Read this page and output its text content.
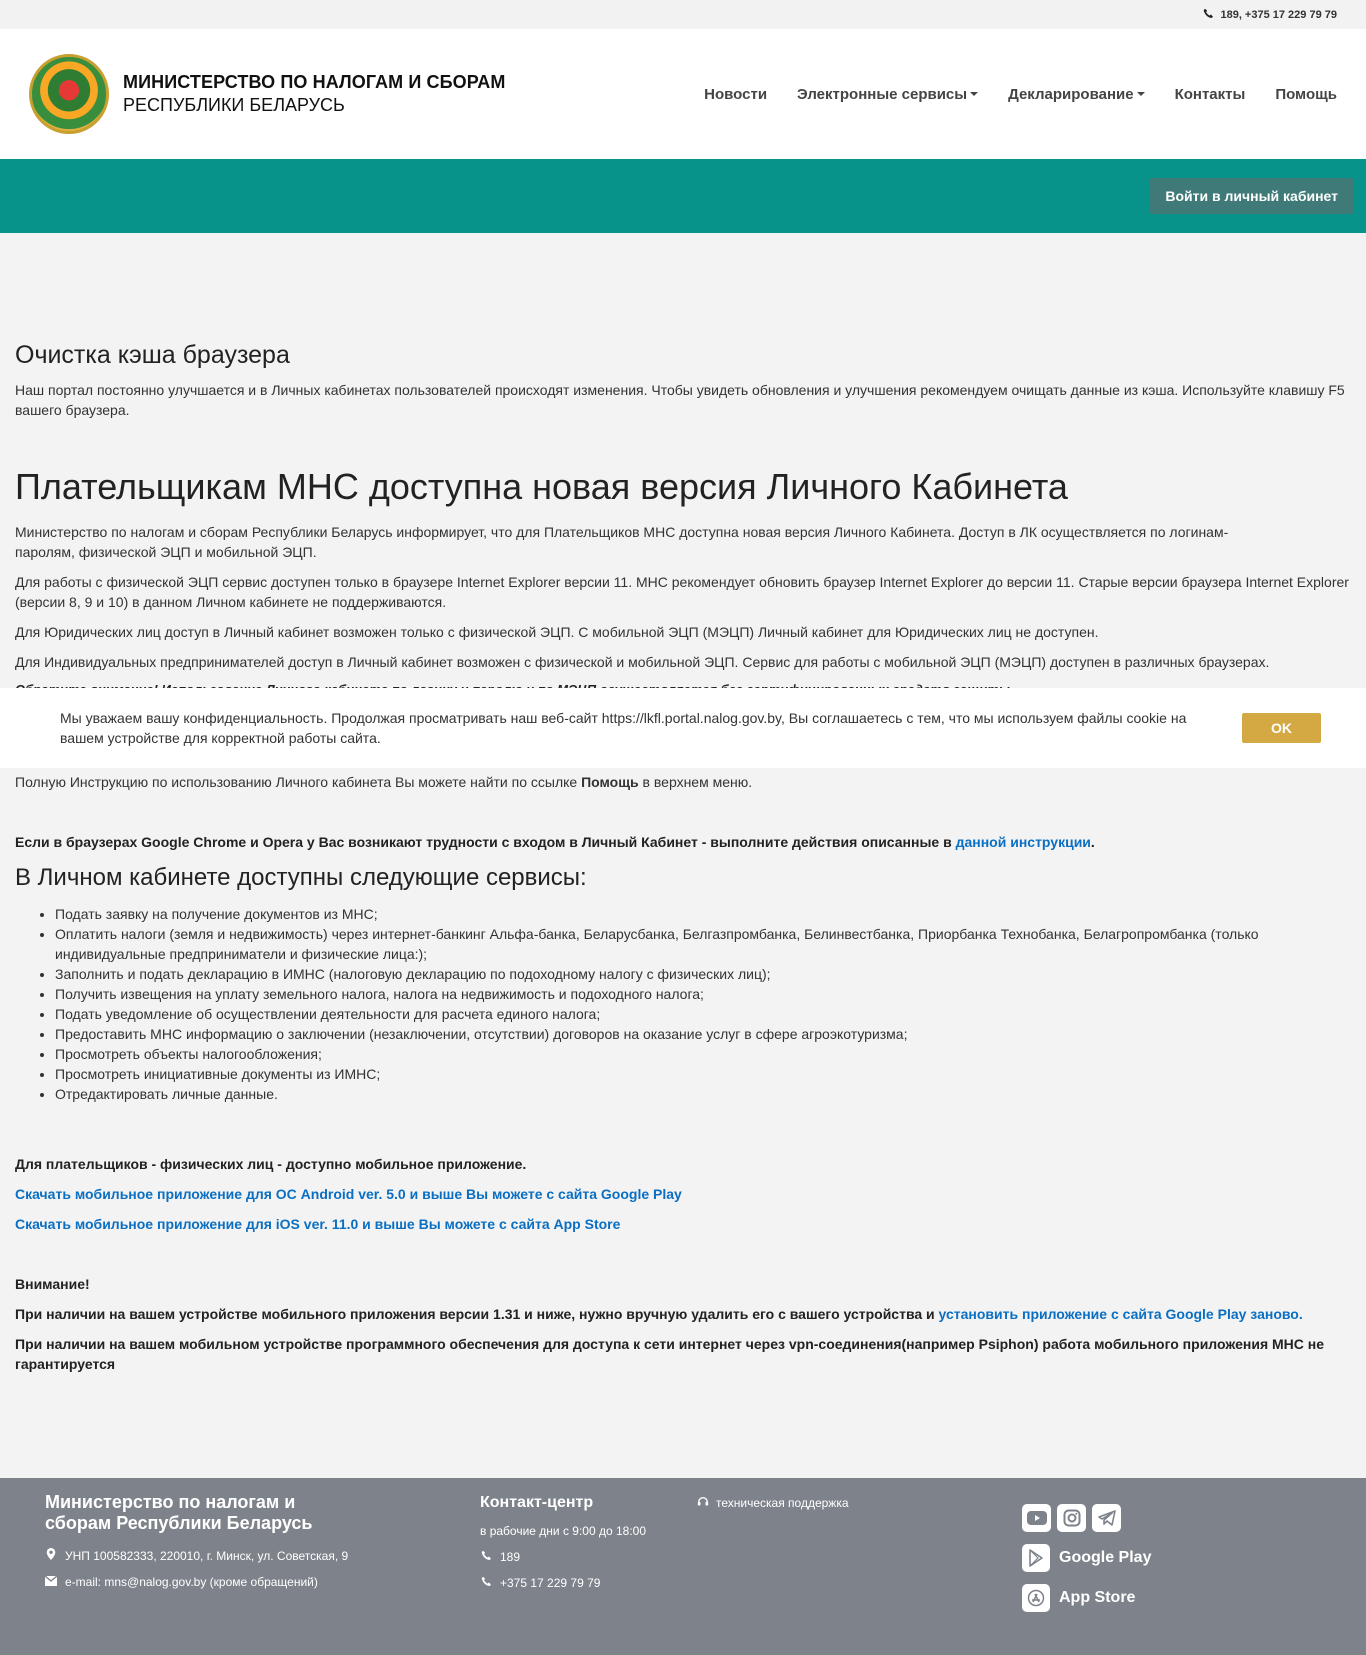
189, +375 17 229 79 79
МИНИСТЕРСТВО ПО НАЛОГАМ И СБОРАМ
РЕСПУБЛИКИ БЕЛАРУСЬ
Новости Электронные сервисы	Декларирование	Контакты Помощь
Войти в личный кабинет
Очистка кэша браузера

Наш портал постоянно улучшается и в Личных кабинетах пользователей происходят изменения. Чтобы увидеть обновления и улучшения рекомендуем очищать данные из кэша. Используйте клавишу F5 вашего браузера.

Плательщикам МНС доступна новая версия Личного Кабинета

Министерство по налогам и сборам Республики Беларусь информирует, что для Плательщиков МНС доступна новая версия Личного Кабинета. Доступ в ЛК осуществляется по логинам-паролям, физической ЭЦП и мобильной ЭЦП.

Для работы с физической ЭЦП сервис доступен только в браузере Internet Explorer версии 11. МНС рекомендует обновить браузер Internet Explorer до версии 11. Старые версии браузера Internet Explorer (версии 8, 9 и 10) в данном Личном кабинете не поддерживаются.

Для Юридических лиц доступ в Личный кабинет возможен только с физической ЭЦП. С мобильной ЭЦП (МЭЦП) Личный кабинет для Юридических лиц не доступен.

Для Индивидуальных предпринимателей доступ в Личный кабинет возможен с физической и мобильной ЭЦП. Сервис для работы с мобильной ЭЦП (МЭЦП) доступен в различных браузерах.

Полную Инструкцию по использованию Личного кабинета Вы можете найти по ссылке Помощь в верхнем меню.

Если в браузерах Google Chrome и Opera у Вас возникают трудности с входом в Личный Кабинет - выполните действия описанные в данной инструкции.

В Личном кабинете доступны следующие сервисы:
• Подать заявку на получение документов из МНС;
• Оплатить налоги (земля и недвижимость) через интернет-банкинг Альфа-банка, Беларусбанка, Белгазпромбанка, Белинвестбанка, Приорбанка Технобанка, Белагропромбанка (только индивидуальные предприниматели и физические лица:);
• Заполнить и подать декларацию в ИМНС (налоговую декларацию по подоходному налогу с физических лиц);
• Получить извещения на уплату земельного налога, налога на недвижимость и подоходного налога;
• Подать уведомление об осуществлении деятельности для расчета единого налога;
• Предоставить МНС информацию о заключении (незаключении, отсутствии) договоров на оказание услуг в сфере агроэкотуризма;
• Просмотреть объекты налогообложения;
• Просмотреть инициативные документы из ИМНС;
• Отредактировать личные данные.

Для плательщиков - физических лиц - доступно мобильное приложение.

Скачать мобильное приложение для ОС Android ver. 5.0 и выше Вы можете с сайта Google Play

Скачать мобильное приложение для iOS ver. 11.0 и выше Вы можете с сайта App Store

Внимание!

При наличии на вашем устройстве мобильного приложения версии 1.31 и ниже, нужно вручную удалить его с вашего устройства и установить приложение с сайта Google Play заново.

При наличии на вашем мобильном устройстве программного обеспечения для доступа к сети интернет через vpn-соединения(например Psiphon) работа мобильного приложения МНС не гарантируется

Мы уважаем вашу конфиденциальность. Продолжая просматривать наш веб-сайт https://lkfl.portal.nalog.gov.by, Вы соглашаетесь с тем, что мы используем файлы cookie на вашем устройстве для корректной работы сайта.
OK
Министерство по налогам и сборам Республики Беларусь
УНП 100582333, 220010, г. Минск, ул. Советская, 9
e-mail: mns@nalog.gov.by (кроме обращений)
Контакт-центр
в рабочие дни с 9:00 до 18:00
189
+375 17 229 79 79
техническая поддержка
Google Play
App Store
